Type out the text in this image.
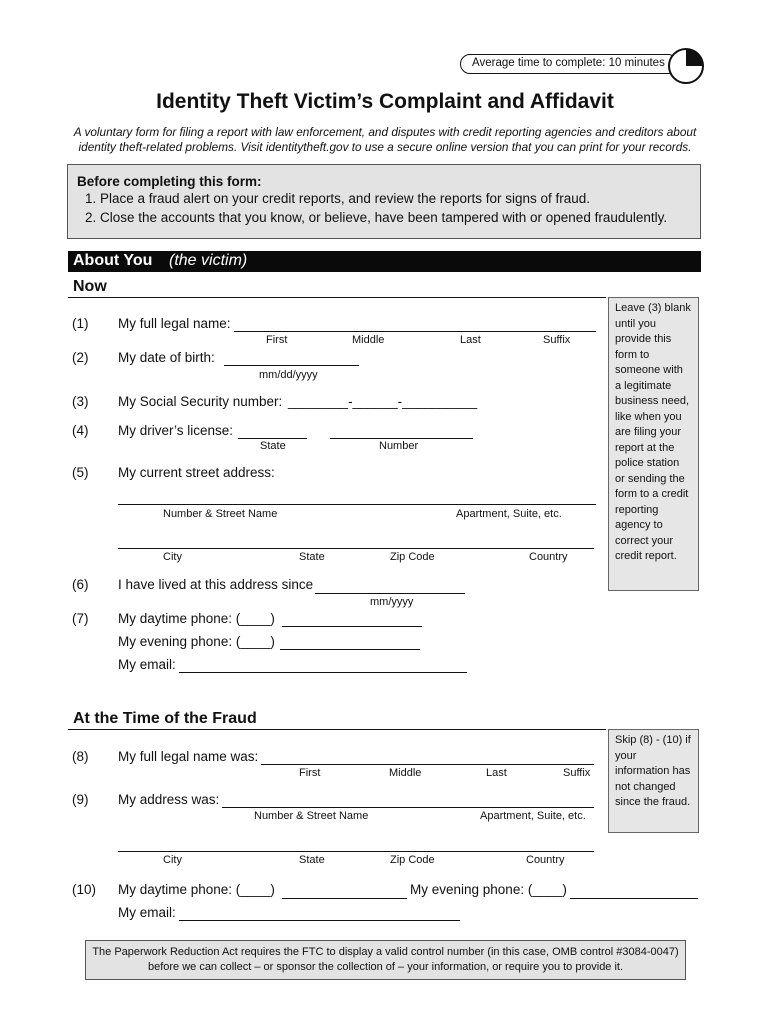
Average time to complete: 10 minutes
Identity Theft Victim’s Complaint and Affidavit
A voluntary form for filing a report with law enforcement, and disputes with credit reporting agencies and creditors about
identity theft-related problems. Visit identitytheft.gov to use a secure online version that you can print for your records.
Before completing this form:
1. Place a fraud alert on your credit reports, and review the reports for signs of fraud.
2. Close the accounts that you know, or believe, have been tampered with or opened fraudulently.
About You (the victim)
Now
Leave (3) blank until you provide this form to someone with a legitimate business need, like when you are filing your report at the police station or sending the form to a credit reporting agency to correct your credit report.
(1) My full legal name:
First	Middle	Last	Suffix
(2) My date of birth:
mm/dd/yyyy
(3) My Social Security number: ________-______-__________
(4) My driver’s license:
State	Number
(5) My current street address:
Number & Street Name	Apartment, Suite, etc.
City	State	Zip Code	Country
(6) I have lived at this address since
mm/yyyy
(7) My daytime phone: (____)
My evening phone: (____)
My email:
At the Time of the Fraud
Skip (8) - (10) if your information has not changed since the fraud.
(8) My full legal name was:
First	Middle	Last	Suffix
(9) My address was:
Number & Street Name	Apartment, Suite, etc.
City	State	Zip Code	Country
(10) My daytime phone: (____)	My evening phone: (____)
My email:
The Paperwork Reduction Act requires the FTC to display a valid control number (in this case, OMB control #3084-0047)
before we can collect – or sponsor the collection of – your information, or require you to provide it.
